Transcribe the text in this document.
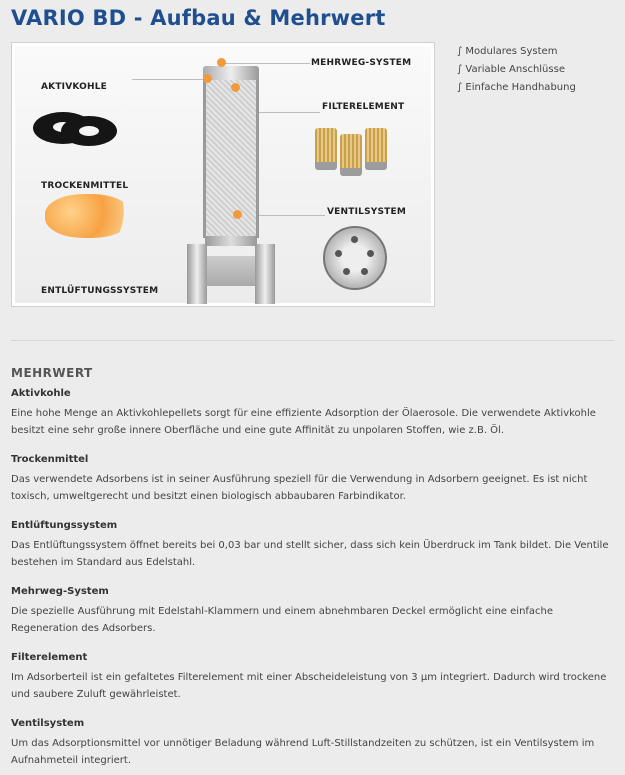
VARIO BD - Aufbau & Mehrwert
AKTIVKOHLE
TROCKENMITTEL
ENTLÜFTUNGSSYSTEM
MEHRWEG-SYSTEM
FILTERELEMENT
VENTILSYSTEM
∫ Modulares System
∫ Variable Anschlüsse
∫ Einfache Handhabung
MEHRWERT
Aktivkohle

Eine hohe Menge an Aktivkohlepellets sorgt für eine effiziente Adsorption der Ölaerosole. Die verwendete Aktivkohle besitzt eine sehr große innere Oberfläche und eine gute Affinität zu unpolaren Stoffen, wie z.B. Öl.

Trockenmittel

Das verwendete Adsorbens ist in seiner Ausführung speziell für die Verwendung in Adsorbern geeignet. Es ist nicht toxisch, umweltgerecht und besitzt einen biologisch abbaubaren Farbindikator.

Entlüftungssystem

Das Entlüftungssystem öffnet bereits bei 0,03 bar und stellt sicher, dass sich kein Überdruck im Tank bildet. Die Ventile bestehen im Standard aus Edelstahl.

Mehrweg-System

Die spezielle Ausführung mit Edelstahl-Klammern und einem abnehmbaren Deckel ermöglicht eine einfache Regeneration des Adsorbers.

Filterelement

Im Adsorberteil ist ein gefaltetes Filterelement mit einer Abscheideleistung von 3 µm integriert. Dadurch wird trockene und saubere Zuluft gewährleistet.

Ventilsystem

Um das Adsorptionsmittel vor unnötiger Beladung während Luft-Stillstandzeiten zu schützen, ist ein Ventilsystem im Aufnahmeteil integriert.
